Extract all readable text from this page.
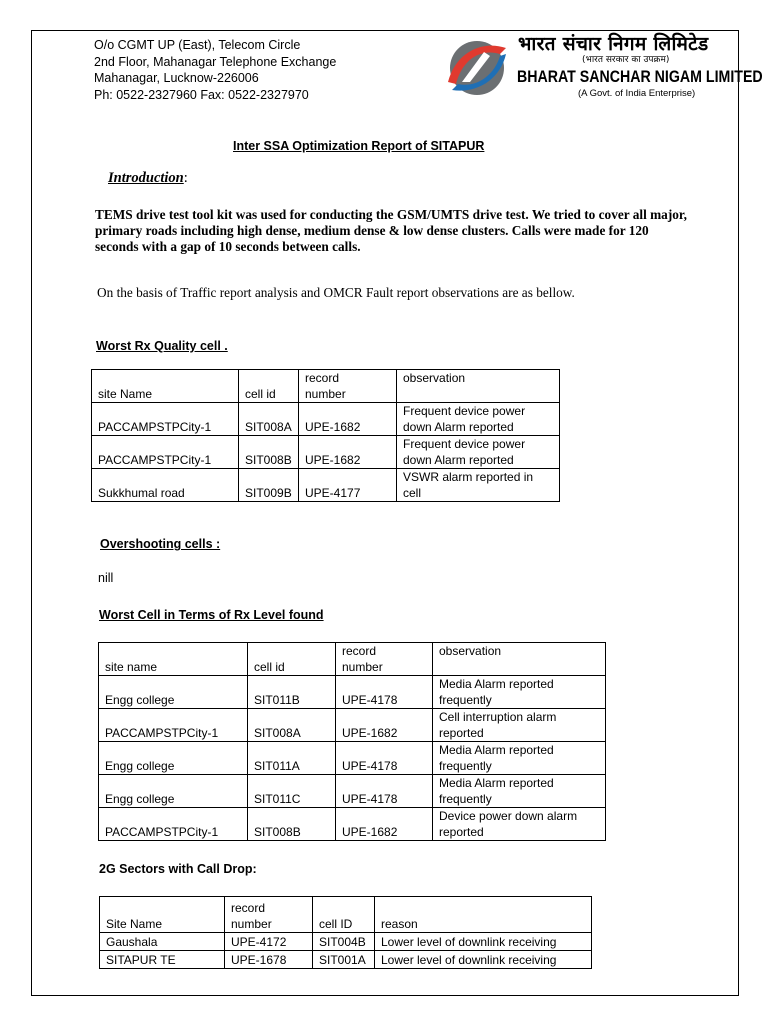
O/o CGMT UP (East), Telecom Circle
2nd Floor, Mahanagar Telephone Exchange
Mahanagar, Lucknow-226006
Ph: 0522-2327960 Fax: 0522-2327970
भारत संचार निगम लिमिटेड
(भारत सरकार का उपक्रम)
BHARAT SANCHAR NIGAM LIMITED
(A Govt. of India Enterprise)
Inter SSA Optimization Report of SITAPUR
Introduction:
TEMS drive test tool kit was used for conducting the GSM/UMTS drive test. We tried to cover all major, primary roads including high dense, medium dense & low dense clusters. Calls were made for 120 seconds with a gap of 10 seconds between calls.
On the basis of Traffic report analysis and OMCR Fault report observations are as bellow.
Worst Rx Quality cell .
site Name	cell id	record number	observation
PACCAMPSTPCity-1	SIT008A	UPE-1682	Frequent device power down Alarm reported
PACCAMPSTPCity-1	SIT008B	UPE-1682	Frequent device power down Alarm reported
Sukkhumal road	SIT009B	UPE-4177	VSWR alarm reported in cell
Overshooting cells :
nill
Worst Cell in Terms of Rx Level found
site name	cell id	record number	observation
Engg college	SIT011B	UPE-4178	Media Alarm reported frequently
PACCAMPSTPCity-1	SIT008A	UPE-1682	Cell interruption alarm reported
Engg college	SIT011A	UPE-4178	Media Alarm reported frequently
Engg college	SIT011C	UPE-4178	Media Alarm reported frequently
PACCAMPSTPCity-1	SIT008B	UPE-1682	Device power down alarm reported
2G Sectors with Call Drop:
Site Name	record number	cell ID	reason
Gaushala	UPE-4172	SIT004B	Lower level of downlink receiving
SITAPUR TE	UPE-1678	SIT001A	Lower level of downlink receiving
